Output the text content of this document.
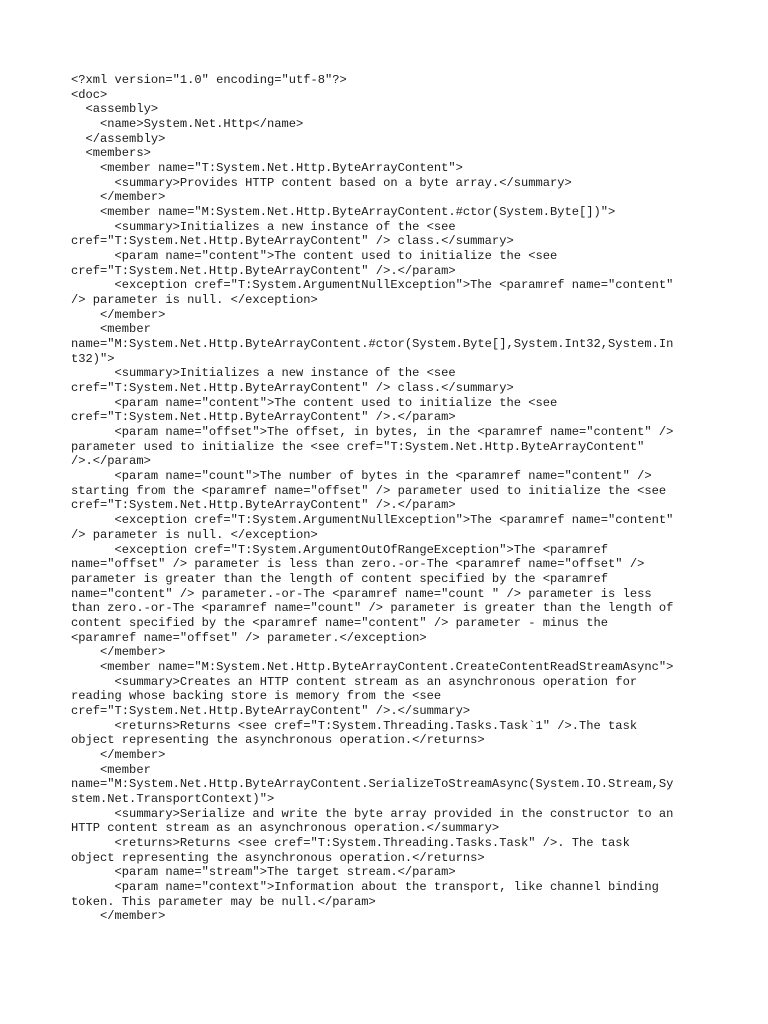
<?xml version="1.0" encoding="utf-8"?>
<doc>
<assembly>
<name>System.Net.Http</name>
</assembly>
<members>
<member name="T:System.Net.Http.ByteArrayContent">
<summary>Provides HTTP content based on a byte array.</summary>
</member>
<member name="M:System.Net.Http.ByteArrayContent.#ctor(System.Byte[])">
<summary>Initializes a new instance of the <see
cref="T:System.Net.Http.ByteArrayContent" /> class.</summary>
<param name="content">The content used to initialize the <see
cref="T:System.Net.Http.ByteArrayContent" />.</param>
<exception cref="T:System.ArgumentNullException">The <paramref name="content"
/> parameter is null. </exception>
</member>
<member
name="M:System.Net.Http.ByteArrayContent.#ctor(System.Byte[],System.Int32,System.In
t32)">
<summary>Initializes a new instance of the <see
cref="T:System.Net.Http.ByteArrayContent" /> class.</summary>
<param name="content">The content used to initialize the <see
cref="T:System.Net.Http.ByteArrayContent" />.</param>
<param name="offset">The offset, in bytes, in the <paramref name="content" />
parameter used to initialize the <see cref="T:System.Net.Http.ByteArrayContent"
/>.</param>
<param name="count">The number of bytes in the <paramref name="content" />
starting from the <paramref name="offset" /> parameter used to initialize the <see
cref="T:System.Net.Http.ByteArrayContent" />.</param>
<exception cref="T:System.ArgumentNullException">The <paramref name="content"
/> parameter is null. </exception>
<exception cref="T:System.ArgumentOutOfRangeException">The <paramref
name="offset" /> parameter is less than zero.-or-The <paramref name="offset" />
parameter is greater than the length of content specified by the <paramref
name="content" /> parameter.-or-The <paramref name="count " /> parameter is less
than zero.-or-The <paramref name="count" /> parameter is greater than the length of
content specified by the <paramref name="content" /> parameter - minus the
<paramref name="offset" /> parameter.</exception>
</member>
<member name="M:System.Net.Http.ByteArrayContent.CreateContentReadStreamAsync">
<summary>Creates an HTTP content stream as an asynchronous operation for
reading whose backing store is memory from the <see
cref="T:System.Net.Http.ByteArrayContent" />.</summary>
<returns>Returns <see cref="T:System.Threading.Tasks.Task`1" />.The task
object representing the asynchronous operation.</returns>
</member>
<member
name="M:System.Net.Http.ByteArrayContent.SerializeToStreamAsync(System.IO.Stream,Sy
stem.Net.TransportContext)">
<summary>Serialize and write the byte array provided in the constructor to an
HTTP content stream as an asynchronous operation.</summary>
<returns>Returns <see cref="T:System.Threading.Tasks.Task" />. The task
object representing the asynchronous operation.</returns>
<param name="stream">The target stream.</param>
<param name="context">Information about the transport, like channel binding
token. This parameter may be null.</param>
</member>
